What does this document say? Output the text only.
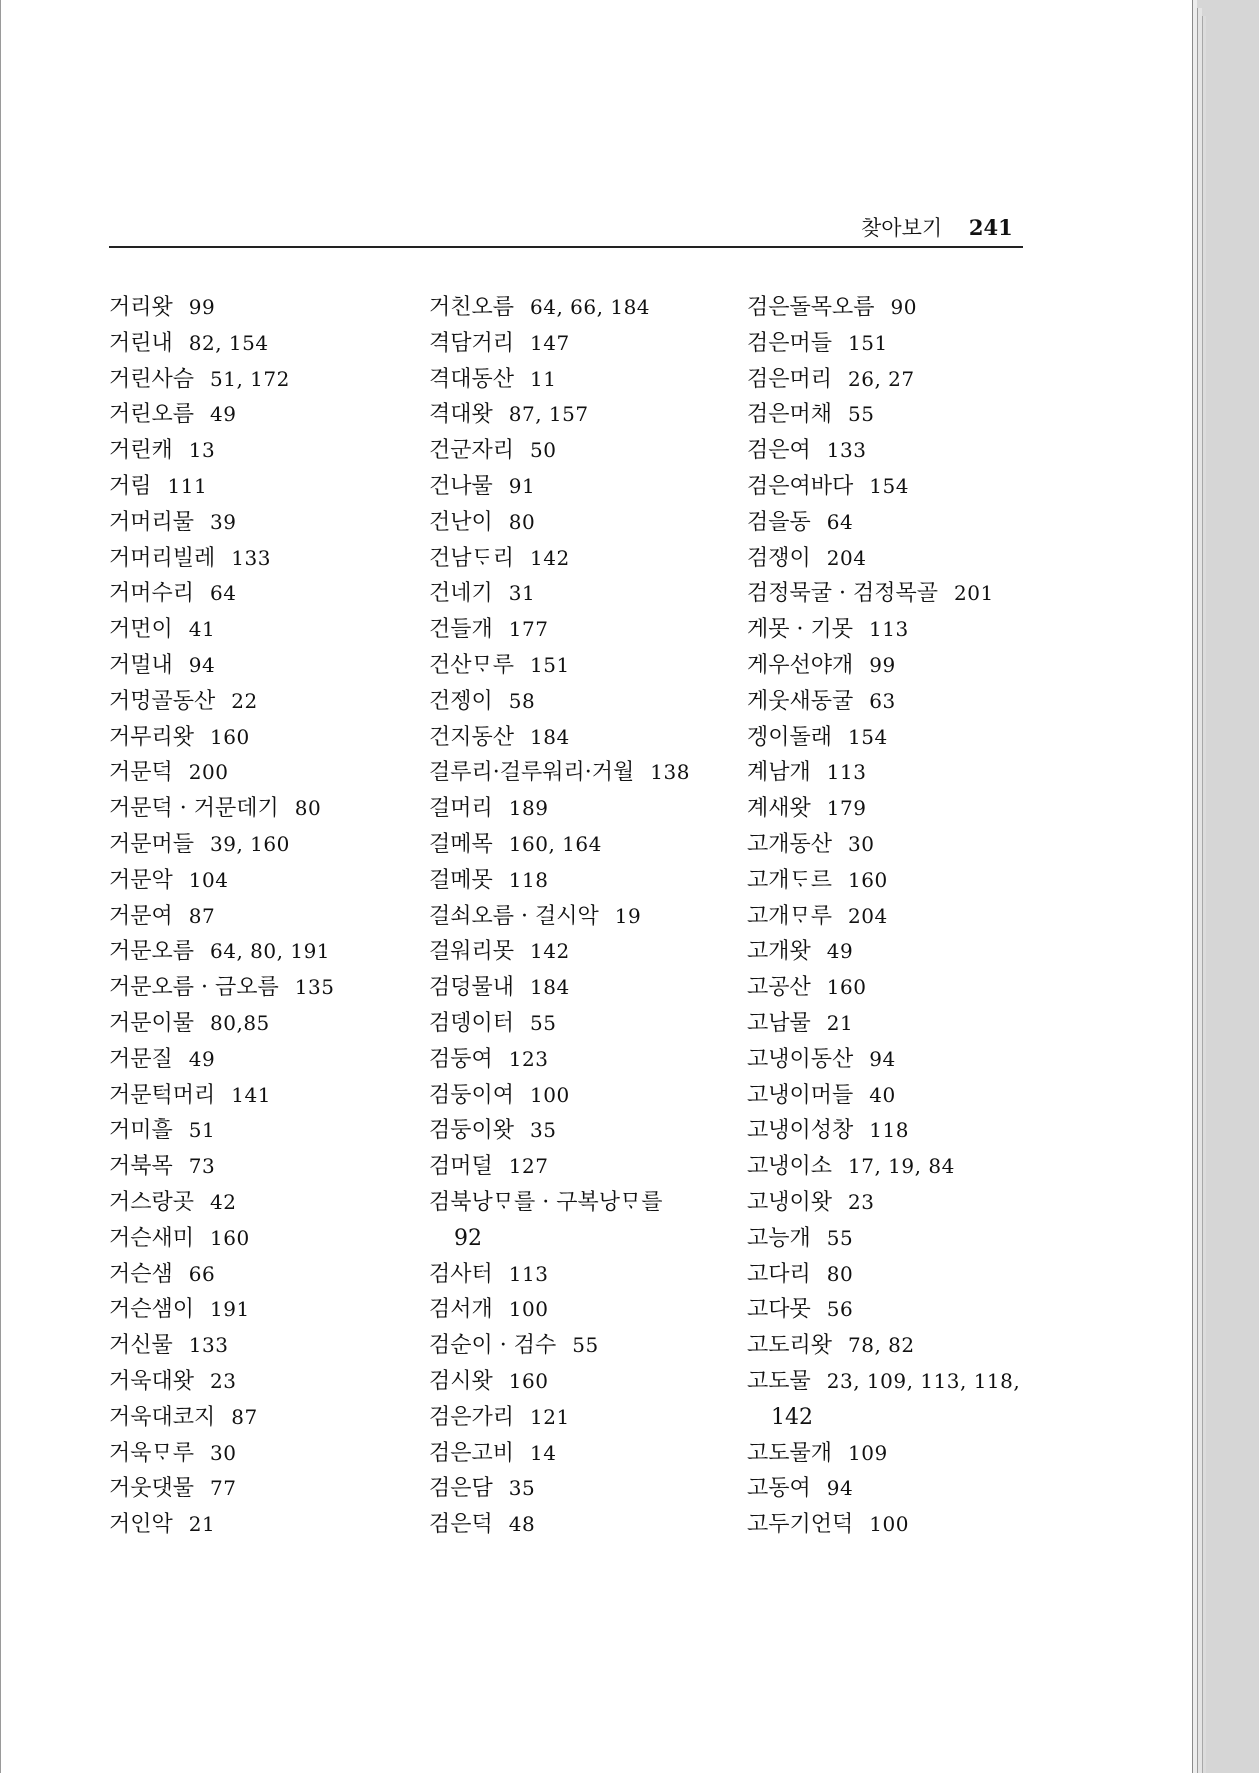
찾아보기 241
거리왓 99
거린내 82, 154
거린사슴 51, 172
거린오름 49
거린캐 13
거림 111
거머리물 39
거머리빌레 133
거머수리 64
거먼이 41
거멀내 94
거멍골동산 22
거무리왓 160
거문덕 200
거문덕 · 거문데기 80
거문머들 39, 160
거문악 104
거문여 87
거문오름 64, 80, 191
거문오름 · 금오름 135
거문이물 80,85
거문질 49
거문턱머리 141
거미흘 51
거북목 73
거스랑곳 42
거슨새미 160
거슨샘 66
거슨샘이 191
거신물 133
거욱대왓 23
거욱대코지 87
거욱ᄆᆞ루 30
거웃댓물 77
거인악 21
거친오름 64, 66, 184
격담거리 147
격대동산 11
격대왓 87, 157
건군자리 50
건나물 91
건난이 80
건남ᄃᆞ리 142
건네기 31
건들개 177
건산ᄆᆞ루 151
건젱이 58
건지동산 184
걸루리·걸루워리·거월 138
걸머리 189
걸메목 160, 164
걸메못 118
걸쇠오름 · 걸시악 19
걸워리못 142
검덩물내 184
검뎅이터 55
검둥여 123
검둥이여 100
검둥이왓 35
검머덜 127
검북낭ᄆᆞ를 · 구복낭ᄆᆞ를
92
검사터 113
검서개 100
검순이 · 검수 55
검시왓 160
검은가리 121
검은고비 14
검은담 35
검은덕 48
검은돌목오름 90
검은머들 151
검은머리 26, 27
검은머채 55
검은여 133
검은여바다 154
검을동 64
검쟁이 204
검정묵굴 · 검정목골 201
게못 · 기못 113
게우선야개 99
게웃새동굴 63
겡이돌래 154
계남개 113
계새왓 179
고개동산 30
고개ᄃᆞ르 160
고개ᄆᆞ루 204
고개왓 49
고공산 160
고남물 21
고냉이동산 94
고냉이머들 40
고냉이성창 118
고냉이소 17, 19, 84
고냉이왓 23
고능개 55
고다리 80
고다못 56
고도리왓 78, 82
고도물 23, 109, 113, 118,
142
고도물개 109
고동여 94
고두기언덕 100
